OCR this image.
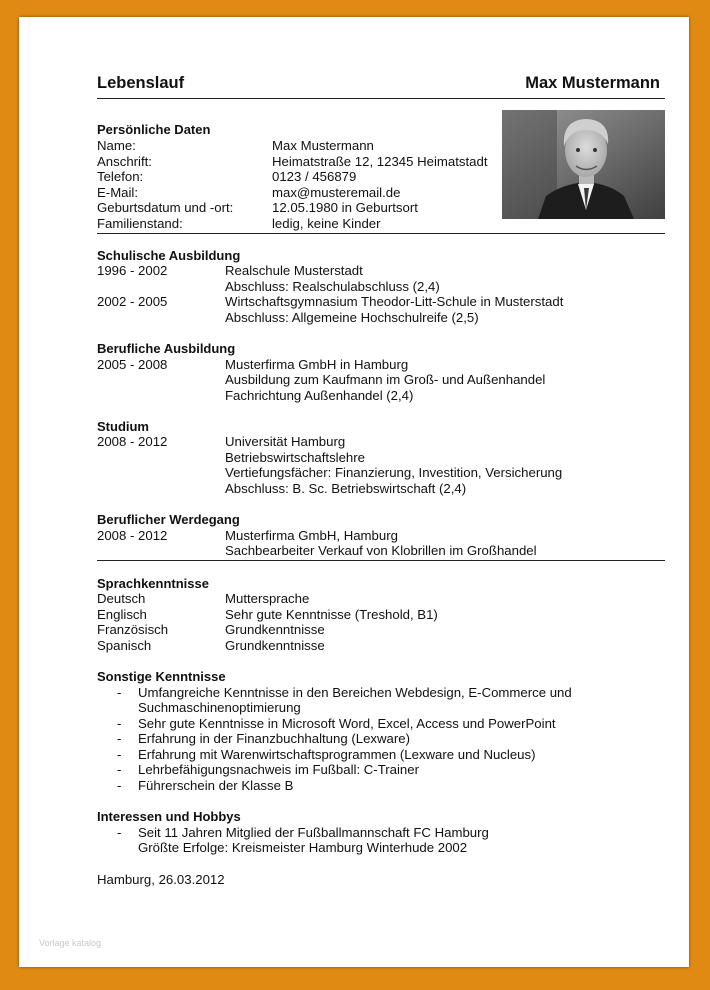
Lebenslauf	Max Mustermann
Persönliche Daten
Name:	Max Mustermann
Anschrift:	Heimatstraße 12, 12345 Heimatstadt
Telefon:	0123 / 456879
E-Mail:	max@musteremail.de
Geburtsdatum und -ort:	12.05.1980 in Geburtsort
Familienstand:	ledig, keine Kinder
Schulische Ausbildung
1996 - 2002	Realschule Musterstadt
Abschluss: Realschulabschluss (2,4)
2002 - 2005	Wirtschaftsgymnasium Theodor-Litt-Schule in Musterstadt
Abschluss: Allgemeine Hochschulreife (2,5)
Berufliche Ausbildung
2005 - 2008	Musterfirma GmbH in Hamburg
Ausbildung zum Kaufmann im Groß- und Außenhandel
Fachrichtung Außenhandel (2,4)
Studium
2008 - 2012	Universität Hamburg
Betriebswirtschaftslehre
Vertiefungsfächer: Finanzierung, Investition, Versicherung
Abschluss: B. Sc. Betriebswirtschaft (2,4)
Beruflicher Werdegang
2008 - 2012	Musterfirma GmbH, Hamburg
Sachbearbeiter Verkauf von Klobrillen im Großhandel
Sprachkenntnisse
Deutsch	Muttersprache
Englisch	Sehr gute Kenntnisse (Treshold, B1)
Französisch	Grundkenntnisse
Spanisch	Grundkenntnisse
Sonstige Kenntnisse
- Umfangreiche Kenntnisse in den Bereichen Webdesign, E-Commerce und
Suchmaschinenoptimierung
- Sehr gute Kenntnisse in Microsoft Word, Excel, Access und PowerPoint
- Erfahrung in der Finanzbuchhaltung (Lexware)
- Erfahrung mit Warenwirtschaftsprogrammen (Lexware und Nucleus)
- Lehrbefähigungsnachweis im Fußball: C-Trainer
- Führerschein der Klasse B
Interessen und Hobbys
- Seit 11 Jahren Mitglied der Fußballmannschaft FC Hamburg
Größte Erfolge: Kreismeister Hamburg Winterhude 2002
Hamburg, 26.03.2012
Vorlage katalog
